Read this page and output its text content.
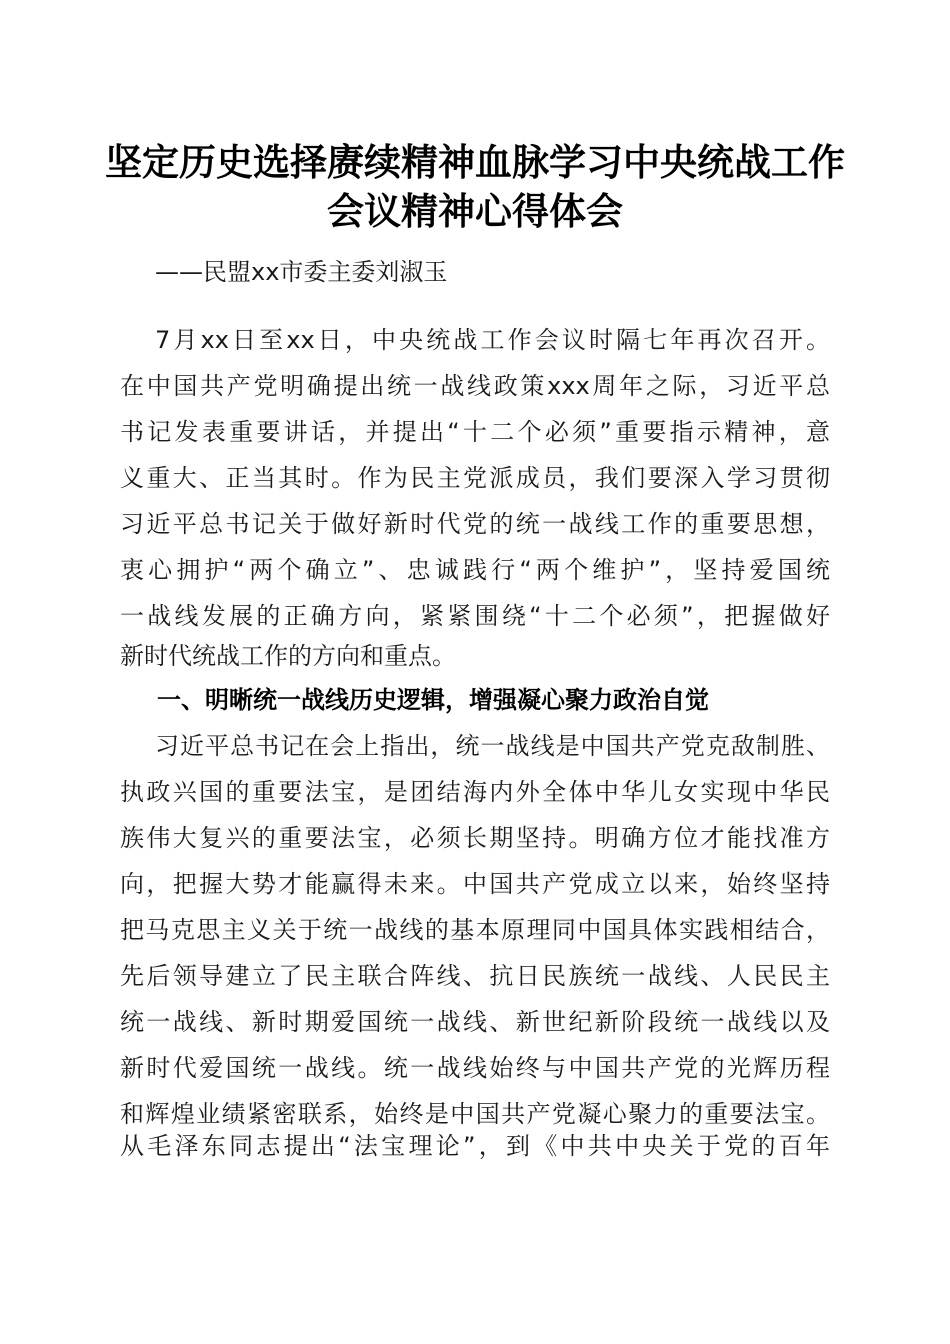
坚定历史选择赓续精神血脉学习中央统战工作
会议精神心得体会
——民盟xx市委主委刘淑玉
7月xx日至xx日，中央统战工作会议时隔七年再次召开。
在中国共产党明确提出统一战线政策xxx周年之际，习近平总
书记发表重要讲话，并提出“十二个必须”重要指示精神，意
义重大、正当其时。作为民主党派成员，我们要深入学习贯彻
习近平总书记关于做好新时代党的统一战线工作的重要思想，
衷心拥护“两个确立”、忠诚践行“两个维护”，坚持爱国统
一战线发展的正确方向，紧紧围绕“十二个必须”，把握做好
新时代统战工作的方向和重点。
一、明晰统一战线历史逻辑，增强凝心聚力政治自觉
习近平总书记在会上指出，统一战线是中国共产党克敌制胜、
执政兴国的重要法宝，是团结海内外全体中华儿女实现中华民
族伟大复兴的重要法宝，必须长期坚持。明确方位才能找准方
向，把握大势才能赢得未来。中国共产党成立以来，始终坚持
把马克思主义关于统一战线的基本原理同中国具体实践相结合，
先后领导建立了民主联合阵线、抗日民族统一战线、人民民主
统一战线、新时期爱国统一战线、新世纪新阶段统一战线以及
新时代爱国统一战线。统一战线始终与中国共产党的光辉历程
和辉煌业绩紧密联系，始终是中国共产党凝心聚力的重要法宝。
从毛泽东同志提出“法宝理论”，到《中共中央关于党的百年
